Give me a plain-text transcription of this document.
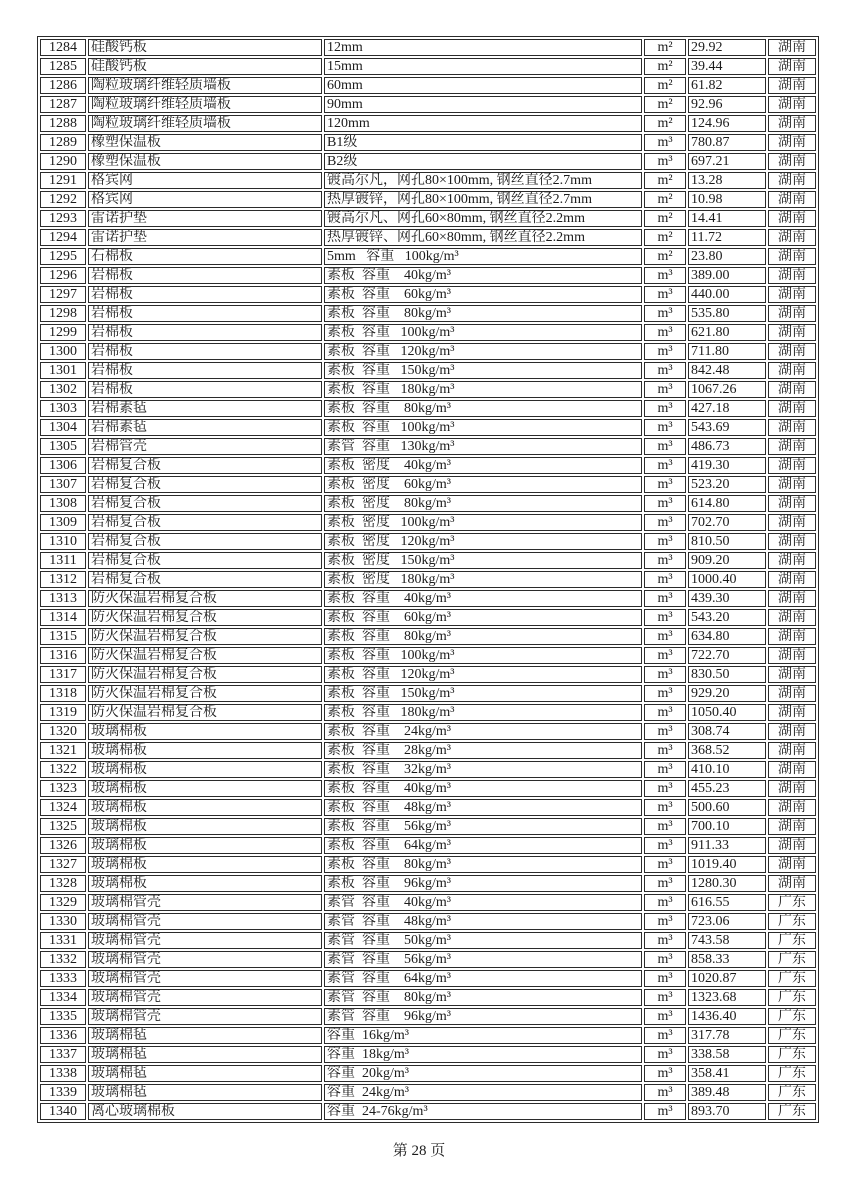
1284	硅酸钙板	12mm	m²	29.92	湖南
1285	硅酸钙板	15mm	m²	39.44	湖南
1286	陶粒玻璃纤维轻质墙板	60mm	m²	61.82	湖南
1287	陶粒玻璃纤维轻质墙板	90mm	m²	92.96	湖南
1288	陶粒玻璃纤维轻质墙板	120mm	m²	124.96	湖南
1289	橡塑保温板	B1级	m³	780.87	湖南
1290	橡塑保温板	B2级	m³	697.21	湖南
1291	格宾网	镀高尔凡，网孔80×100mm, 钢丝直径2.7mm	m²	13.28	湖南
1292	格宾网	热厚镀锌，网孔80×100mm, 钢丝直径2.7mm	m²	10.98	湖南
1293	雷诺护垫	镀高尔凡、网孔60×80mm, 钢丝直径2.2mm	m²	14.41	湖南
1294	雷诺护垫	热厚镀锌、网孔60×80mm, 钢丝直径2.2mm	m²	11.72	湖南
1295	石棉板	5mm   容重   100kg/m³	m²	23.80	湖南
1296	岩棉板	素板  容重    40kg/m³	m³	389.00	湖南
1297	岩棉板	素板  容重    60kg/m³	m³	440.00	湖南
1298	岩棉板	素板  容重    80kg/m³	m³	535.80	湖南
1299	岩棉板	素板  容重   100kg/m³	m³	621.80	湖南
1300	岩棉板	素板  容重   120kg/m³	m³	711.80	湖南
1301	岩棉板	素板  容重   150kg/m³	m³	842.48	湖南
1302	岩棉板	素板  容重   180kg/m³	m³	1067.26	湖南
1303	岩棉素毡	素板  容重    80kg/m³	m³	427.18	湖南
1304	岩棉素毡	素板  容重   100kg/m³	m³	543.69	湖南
1305	岩棉管壳	素管  容重   130kg/m³	m³	486.73	湖南
1306	岩棉复合板	素板  密度    40kg/m³	m³	419.30	湖南
1307	岩棉复合板	素板  密度    60kg/m³	m³	523.20	湖南
1308	岩棉复合板	素板  密度    80kg/m³	m³	614.80	湖南
1309	岩棉复合板	素板  密度   100kg/m³	m³	702.70	湖南
1310	岩棉复合板	素板  密度   120kg/m³	m³	810.50	湖南
1311	岩棉复合板	素板  密度   150kg/m³	m³	909.20	湖南
1312	岩棉复合板	素板  密度   180kg/m³	m³	1000.40	湖南
1313	防火保温岩棉复合板	素板  容重    40kg/m³	m³	439.30	湖南
1314	防火保温岩棉复合板	素板  容重    60kg/m³	m³	543.20	湖南
1315	防火保温岩棉复合板	素板  容重    80kg/m³	m³	634.80	湖南
1316	防火保温岩棉复合板	素板  容重   100kg/m³	m³	722.70	湖南
1317	防火保温岩棉复合板	素板  容重   120kg/m³	m³	830.50	湖南
1318	防火保温岩棉复合板	素板  容重   150kg/m³	m³	929.20	湖南
1319	防火保温岩棉复合板	素板  容重   180kg/m³	m³	1050.40	湖南
1320	玻璃棉板	素板  容重    24kg/m³	m³	308.74	湖南
1321	玻璃棉板	素板  容重    28kg/m³	m³	368.52	湖南
1322	玻璃棉板	素板  容重    32kg/m³	m³	410.10	湖南
1323	玻璃棉板	素板  容重    40kg/m³	m³	455.23	湖南
1324	玻璃棉板	素板  容重    48kg/m³	m³	500.60	湖南
1325	玻璃棉板	素板  容重    56kg/m³	m³	700.10	湖南
1326	玻璃棉板	素板  容重    64kg/m³	m³	911.33	湖南
1327	玻璃棉板	素板  容重    80kg/m³	m³	1019.40	湖南
1328	玻璃棉板	素板  容重    96kg/m³	m³	1280.30	湖南
1329	玻璃棉管壳	素管  容重    40kg/m³	m³	616.55	广东
1330	玻璃棉管壳	素管  容重    48kg/m³	m³	723.06	广东
1331	玻璃棉管壳	素管  容重    50kg/m³	m³	743.58	广东
1332	玻璃棉管壳	素管  容重    56kg/m³	m³	858.33	广东
1333	玻璃棉管壳	素管  容重    64kg/m³	m³	1020.87	广东
1334	玻璃棉管壳	素管  容重    80kg/m³	m³	1323.68	广东
1335	玻璃棉管壳	素管  容重    96kg/m³	m³	1436.40	广东
1336	玻璃棉毡	容重  16kg/m³	m³	317.78	广东
1337	玻璃棉毡	容重  18kg/m³	m³	338.58	广东
1338	玻璃棉毡	容重  20kg/m³	m³	358.41	广东
1339	玻璃棉毡	容重  24kg/m³	m³	389.48	广东
1340	离心玻璃棉板	容重  24-76kg/m³	m³	893.70	广东
第 28 页
